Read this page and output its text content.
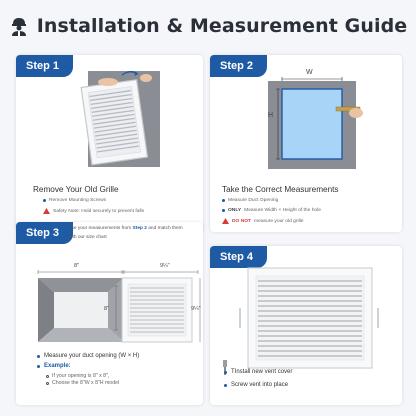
Installation & Measurement Guide
Step 1
Remove Your Old Grille
Remove Mounting Screws
Safety Note: Hold securely to prevent falls
Step 2
W
H
Take the Correct Measurements
Measure Duct Opening
ONLY Measure Width × Height of the hole
DO NOT measure your old grille
Step 3	Use your measurements from Step 2 and match them
with our size chart
8"
8"
9¼"
9¼"
Measure your duct opening (W × H)
Example:
If your opening is 8" x 8",
Choose the 8"W x 8"H model
Step 4
TInstall new vent cover
Screw vent into place
